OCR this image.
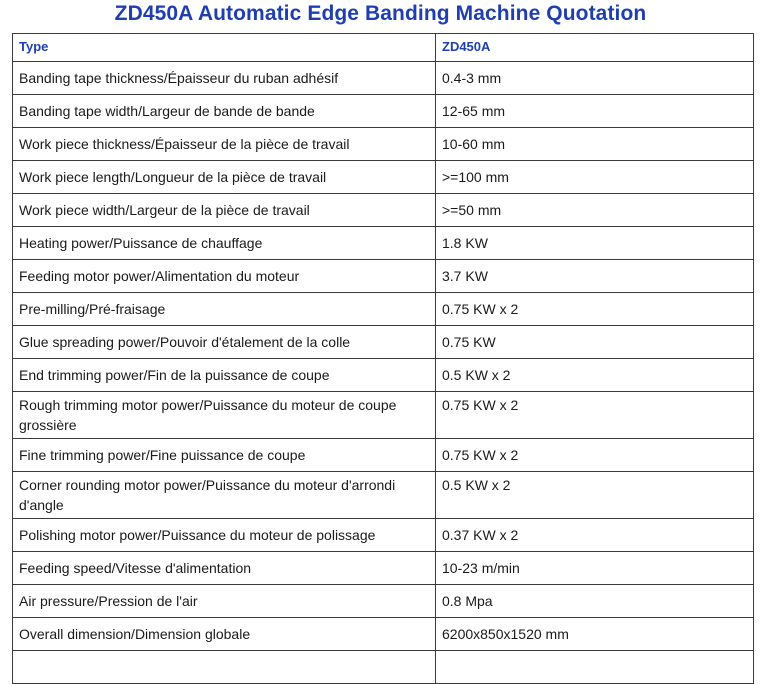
ZD450A Automatic Edge Banding Machine Quotation
Type	ZD450A
Banding tape thickness/Épaisseur du ruban adhésif	0.4-3 mm
Banding tape width/Largeur de bande de bande	12-65 mm
Work piece thickness/Épaisseur de la pièce de travail	10-60 mm
Work piece length/Longueur de la pièce de travail	>=100 mm
Work piece width/Largeur de la pièce de travail	>=50 mm
Heating power/Puissance de chauffage	1.8 KW
Feeding motor power/Alimentation du moteur	3.7 KW
Pre-milling/Pré-fraisage	0.75 KW x 2
Glue spreading power/Pouvoir d'étalement de la colle	0.75 KW
End trimming power/Fin de la puissance de coupe	0.5 KW x 2
Rough trimming motor power/Puissance du moteur de coupe grossière	0.75 KW x 2
Fine trimming power/Fine puissance de coupe	0.75 KW x 2
Corner rounding motor power/Puissance du moteur d'arrondi d'angle	0.5 KW x 2
Polishing motor power/Puissance du moteur de polissage	0.37 KW x 2
Feeding speed/Vitesse d'alimentation	10-23 m/min
Air pressure/Pression de l'air	0.8 Mpa
Overall dimension/Dimension globale	6200x850x1520 mm
